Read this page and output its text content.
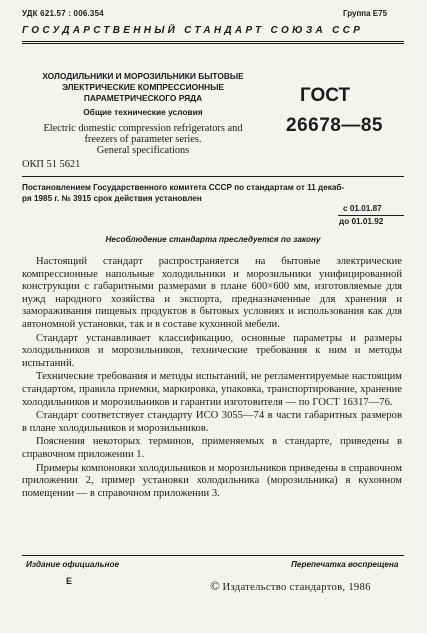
УДК 621.57 : 006.354	Группа Е75
ГОСУДАРСТВЕННЫЙ СТАНДАРТ СОЮЗА ССР
ХОЛОДИЛЬНИКИ И МОРОЗИЛЬНИКИ БЫТОВЫЕ
ЭЛЕКТРИЧЕСКИЕ КОМПРЕССИОННЫЕ
ПАРАМЕТРИЧЕСКОГО РЯДА
Общие технические условия
Electric domestic compression refrigerators and
freezers of parameter series.
General specifications
ОКП 51 5621
ГОСТ
26678—85
Постановлением Государственного комитета СССР по стандартам от 11 декаб-
ря 1985 г. № 3915 срок действия установлен
с 01.01.87
до 01.01.92
Несоблюдение стандарта преследуется по закону

Настоящий стандарт распространяется на бытовые электрические компрессионные напольные холодильники и морозильники унифицированной конструкции с габаритными размерами в плане 600×600 мм, изготовляемые для нужд народного хозяйства и экспорта, предназначенные для хранения и замораживания пищевых продуктов в бытовых условиях и использования как для автономной установки, так и в составе кухонной мебели.

Стандарт устанавливает классификацию, основные параметры и размеры холодильников и морозильников, технические требования к ним и методы испытаний.

Технические требования и методы испытаний, не регламентируемые настоящим стандартом, правила приемки, маркировка, упаковка, транспортирование, хранение холодильников и морозильников и гарантии изготовителя — по ГОСТ 16317—76.

Стандарт соответствует стандарту ИСО 3055—74 в части габаритных размеров в плане холодильников и морозильников.

Пояснения некоторых терминов, применяемых в стандарте, приведены в справочном приложении 1.

Примеры компоновки холодильников и морозильников приведены в справочном приложении 2, пример установки холодильника (морозильника) в кухонном помещении — в справочном приложении 3.

Издание официальное	Перепечатка воспрещена
Е	© Издательство стандартов, 1986
